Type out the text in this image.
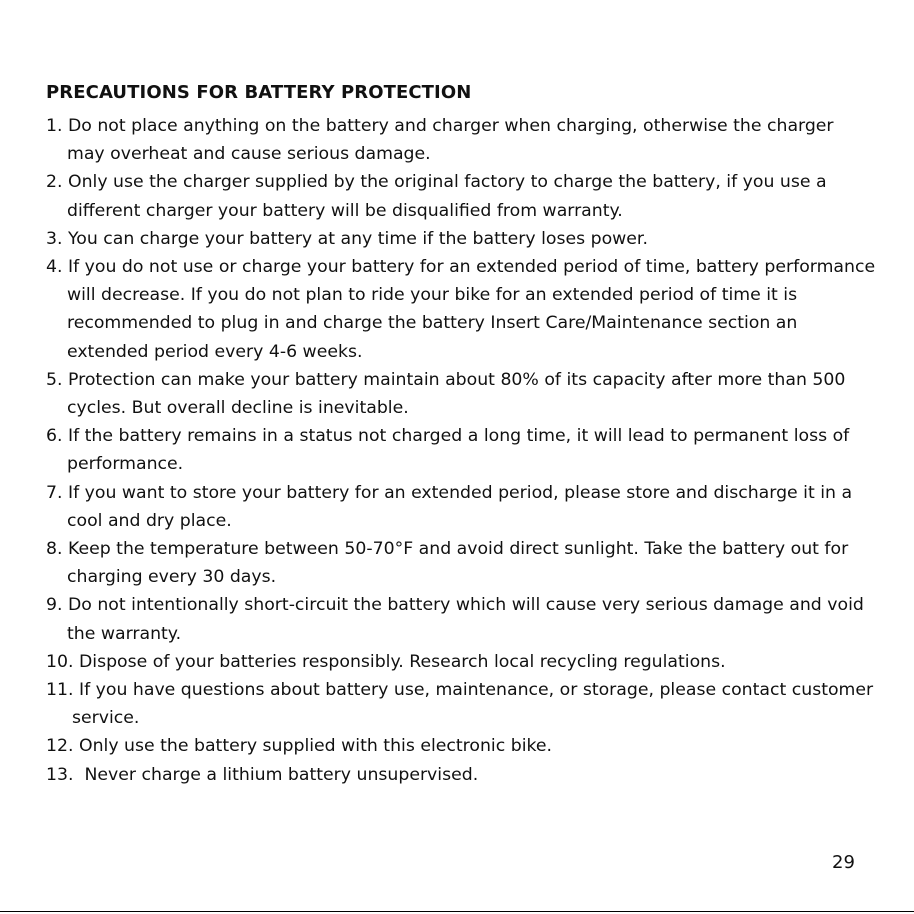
PRECAUTIONS FOR BATTERY PROTECTION
1. Do not place anything on the battery and charger when charging, otherwise the charger may overheat and cause serious damage.
2. Only use the charger supplied by the original factory to charge the battery, if you use a different charger your battery will be disqualified from warranty.
3. You can charge your battery at any time if the battery loses power.
4. If you do not use or charge your battery for an extended period of time, battery performance will decrease. If you do not plan to ride your bike for an extended period of time it is recommended to plug in and charge the battery Insert Care/Maintenance section an extended period every 4-6 weeks.
5. Protection can make your battery maintain about 80% of its capacity after more than 500 cycles. But overall decline is inevitable.
6. If the battery remains in a status not charged a long time, it will lead to permanent loss of performance.
7. If you want to store your battery for an extended period, please store and discharge it in a cool and dry place.
8. Keep the temperature between 50-70°F and avoid direct sunlight. Take the battery out for charging every 30 days.
9. Do not intentionally short-circuit the battery which will cause very serious damage and void the warranty.
10. Dispose of your batteries responsibly. Research local recycling regulations.
11. If you have questions about battery use, maintenance, or storage, please contact customer service.
12. Only use the battery supplied with this electronic bike.
13.  Never charge a lithium battery unsupervised.
29
